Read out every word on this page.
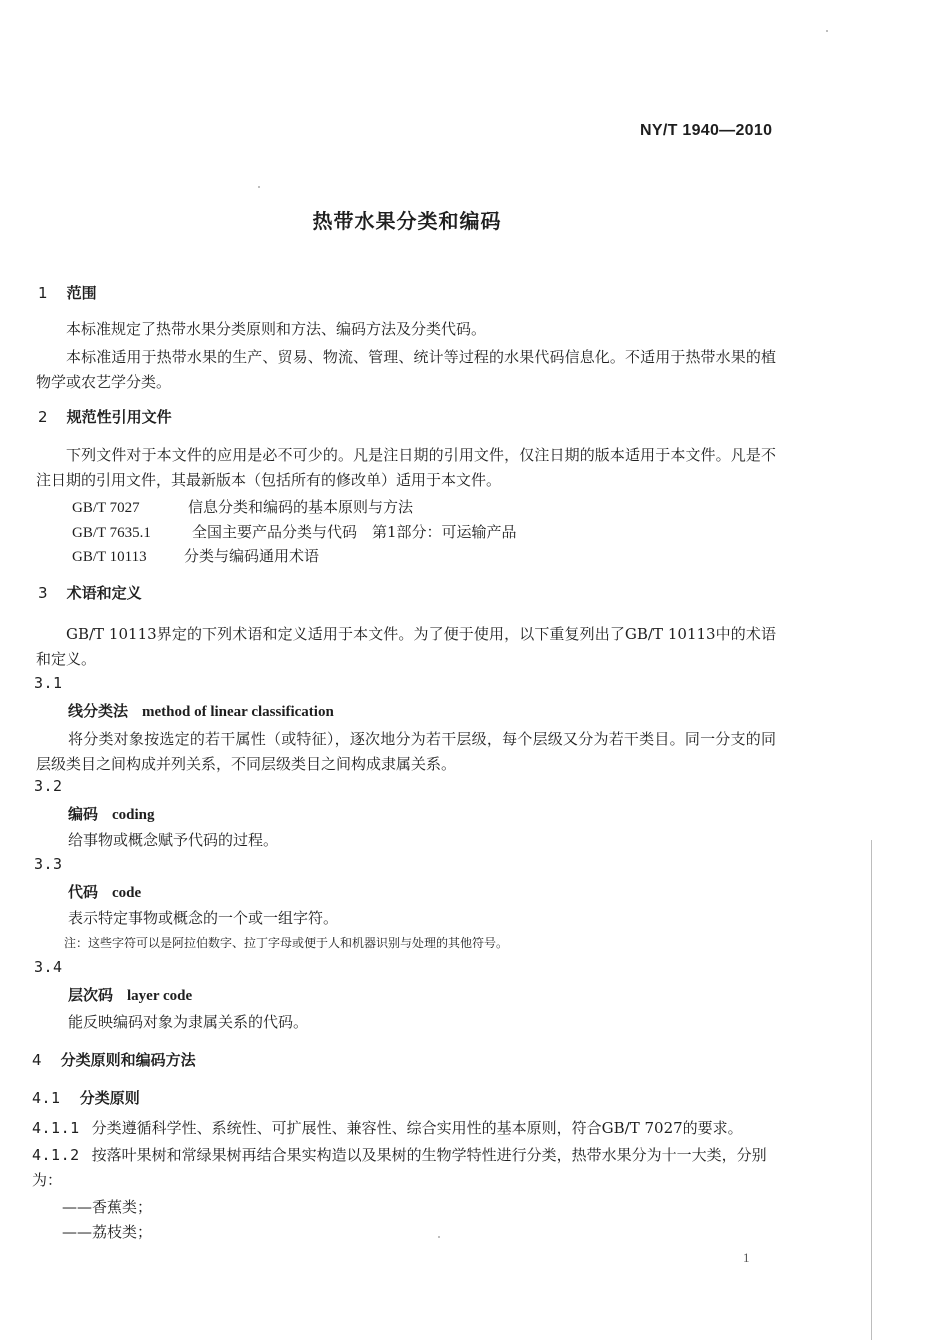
NY/T 1940—2010
热带水果分类和编码
1 范围
本标准规定了热带水果分类原则和方法、编码方法及分类代码。
本标准适用于热带水果的生产、贸易、物流、管理、统计等过程的水果代码信息化。不适用于热带水果的植物学或农艺学分类。
2 规范性引用文件
下列文件对于本文件的应用是必不可少的。凡是注日期的引用文件，仅注日期的版本适用于本文件。凡是不注日期的引用文件，其最新版本（包括所有的修改单）适用于本文件。
GB/T 7027	信息分类和编码的基本原则与方法
GB/T 7635.1	全国主要产品分类与代码　第1部分：可运输产品
GB/T 10113 分类与编码通用术语
3 术语和定义
GB/T 10113界定的下列术语和定义适用于本文件。为了便于使用，以下重复列出了GB/T 10113中的术语和定义。
3.1
线分类法 method of linear classification
将分类对象按选定的若干属性（或特征），逐次地分为若干层级，每个层级又分为若干类目。同一分支的同层级类目之间构成并列关系，不同层级类目之间构成隶属关系。
3.2
编码 coding
给事物或概念赋予代码的过程。
3.3
代码 code
表示特定事物或概念的一个或一组字符。
注：这些字符可以是阿拉伯数字、拉丁字母或便于人和机器识别与处理的其他符号。
3.4
层次码 layer code
能反映编码对象为隶属关系的代码。
4 分类原则和编码方法
4.1 分类原则
4.1.1 分类遵循科学性、系统性、可扩展性、兼容性、综合实用性的基本原则，符合GB/T 7027的要求。
4.1.2 按落叶果树和常绿果树再结合果实构造以及果树的生物学特性进行分类，热带水果分为十一大类，分别为：
——香蕉类；
——荔枝类；
1
